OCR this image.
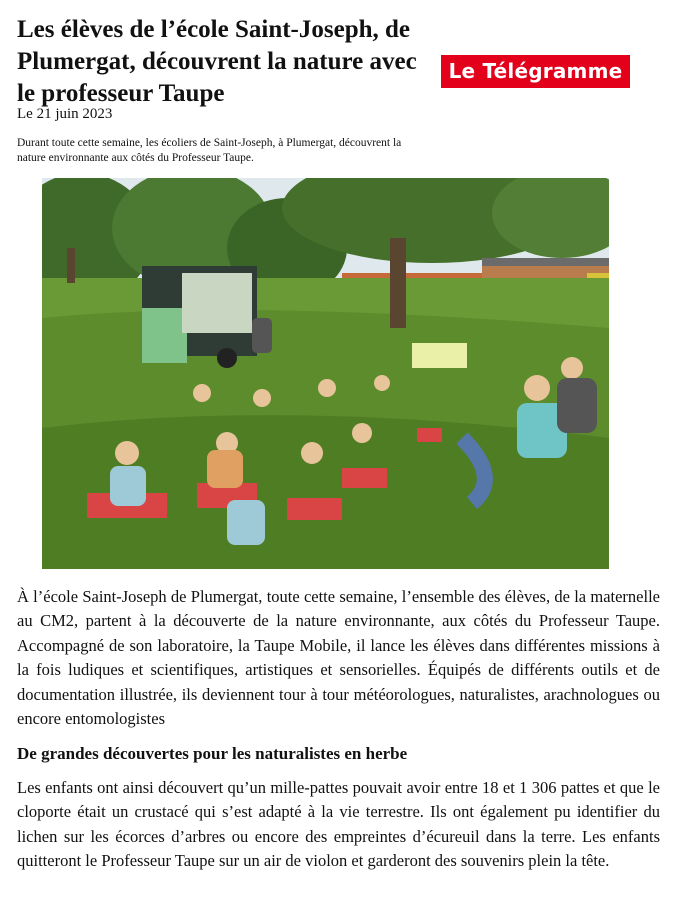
Les élèves de l’école Saint-Joseph, de Plumergat, découvrent la nature avec le professeur Taupe
Le Télégramme
Le 21 juin 2023
Durant toute cette semaine, les écoliers de Saint-Joseph, à Plumergat, découvrent la nature environnante aux côtés du Professeur Taupe.

À l’école Saint-Joseph de Plumergat, toute cette semaine, l’ensemble des élèves, de la maternelle au CM2, partent à la découverte de la nature environnante, aux côtés du Professeur Taupe. Accompagné de son laboratoire, la Taupe Mobile, il lance les élèves dans différentes missions à la fois ludiques et scientifiques, artistiques et sensorielles. Équipés de différents outils et de documentation illustrée, ils deviennent tour à tour météorologues, naturalistes, arachnologues ou encore entomologistes

De grandes découvertes pour les naturalistes en herbe

Les enfants ont ainsi découvert qu’un mille-pattes pouvait avoir entre 18 et 1 306 pattes et que le cloporte était un crustacé qui s’est adapté à la vie terrestre. Ils ont également pu identifier du lichen sur les écorces d’arbres ou encore des empreintes d’écureuil dans la terre. Les enfants quitteront le Professeur Taupe sur un air de violon et garderont des souvenirs plein la tête.
